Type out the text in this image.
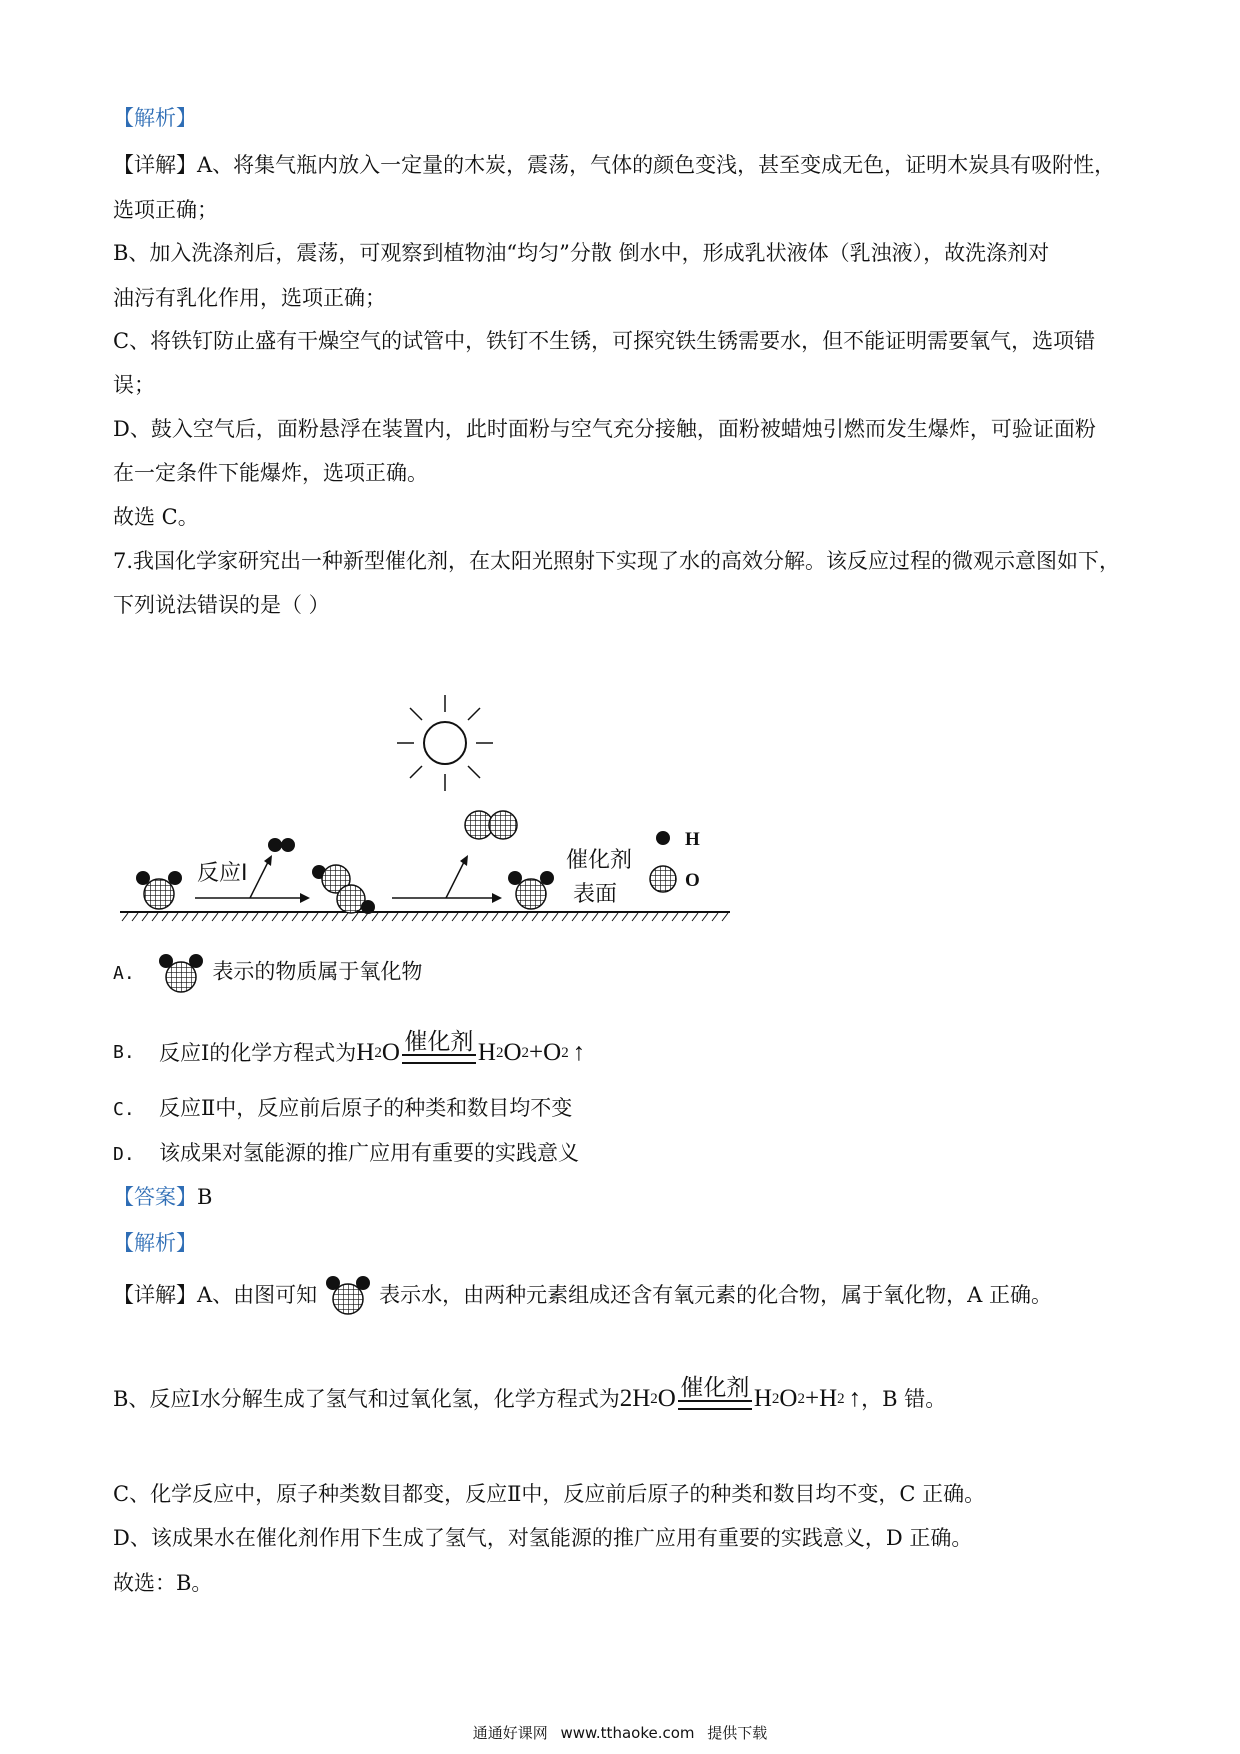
【解析】
【详解】A、将集气瓶内放入一定量的木炭，震荡，气体的颜色变浅，甚至变成无色，证明木炭具有吸附性，
选项正确；
B、加入洗涤剂后，震荡，可观察到植物油“均匀”分散 倒水中，形成乳状液体（乳浊液），故洗涤剂对
油污有乳化作用，选项正确；
C、将铁钉防止盛有干燥空气的试管中，铁钉不生锈，可探究铁生锈需要水，但不能证明需要氧气，选项错
误；
D、鼓入空气后，面粉悬浮在装置内，此时面粉与空气充分接触，面粉被蜡烛引燃而发生爆炸，可验证面粉
在一定条件下能爆炸，选项正确。
故选 C。
7.我国化学家研究出一种新型催化剂，在太阳光照射下实现了水的高效分解。该反应过程的微观示意图如下，
下列说法错误的是（ ）
反应Ⅰ
催化剂
表面
H
O
A.	表示的物质属于氧化物
B.	反应Ⅰ的化学方程式为 H 2 O 催化剂 H 2 O 2 + O 2 ↑
C. 反应Ⅱ中，反应前后原子的种类和数目均不变
D. 该成果对氢能源的推广应用有重要的实践意义
【答案】B
【解析】
【详解】 A、由图可知	表示水，由两种元素组成还含有氧元素的化合物，属于氧化物，A 正确。
B、反应Ⅰ水分解生成了氢气和过氧化氢，化学方程式为 2 H 2 O 催化剂 H 2 O 2 + H 2 ↑ ，B 错。
C、化学反应中，原子种类数目都变，反应Ⅱ中，反应前后原子的种类和数目均不变，C 正确。
D、该成果水在催化剂作用下生成了氢气，对氢能源的推广应用有重要的实践意义，D 正确。
故选：B。
通通好课网 www.tthaoke.com 提供下载
